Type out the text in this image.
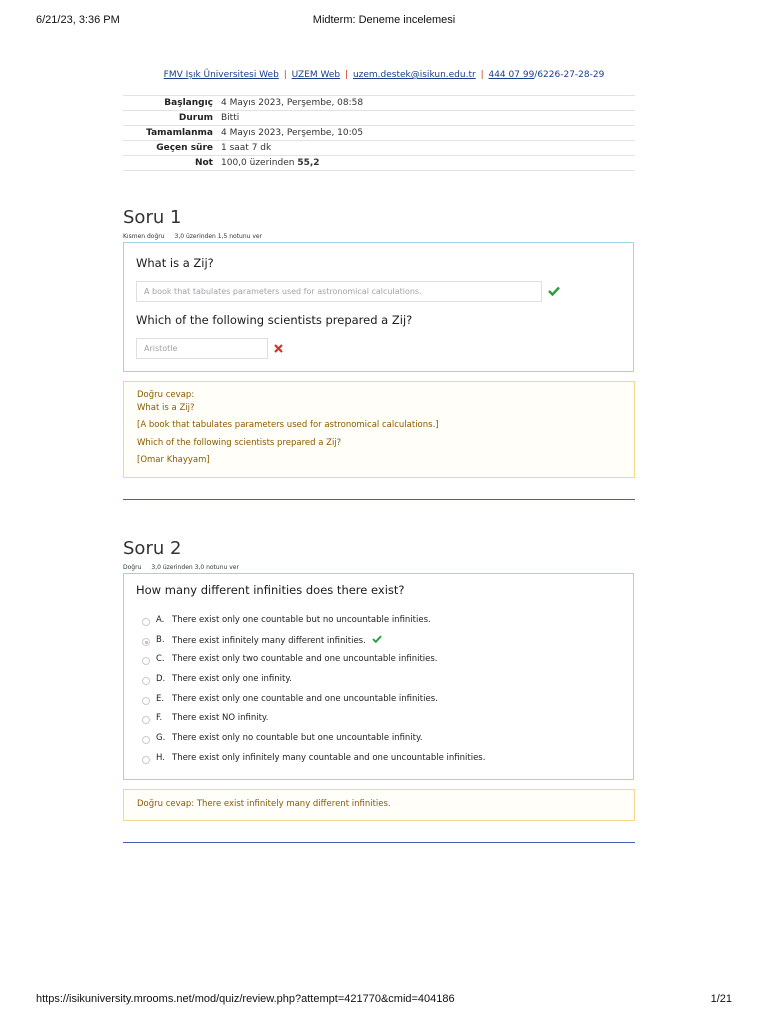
6/21/23, 3:36 PM	Midterm: Deneme incelemesi
FMV Işık Üniversitesi Web | UZEM Web | uzem.destek@isikun.edu.tr | 444 07 99/6226-27-28-29
Başlangıç	4 Mayıs 2023, Perşembe, 08:58
Durum	Bitti
Tamamlanma	4 Mayıs 2023, Perşembe, 10:05
Geçen süre	1 saat 7 dk
Not	100,0 üzerinden 55,2
Soru 1
Kısmen doğru 3,0 üzerinden 1,5 notunu ver
What is a Zij?
A book that tabulates parameters used for astronomical calculations.
Which of the following scientists prepared a Zij?
Aristotle
Doğru cevap:
What is a Zij?
[A book that tabulates parameters used for astronomical calculations.]
Which of the following scientists prepared a Zij?
[Omar Khayyam]
Soru 2
Doğru 3,0 üzerinden 3,0 notunu ver
How many different infinities does there exist?
A. There exist only one countable but no uncountable infinities.
B. There exist infinitely many different infinities.
C. There exist only two countable and one uncountable infinities.
D. There exist only one infinity.
E. There exist only one countable and one uncountable infinities.
F. There exist NO infinity.
G. There exist only no countable but one uncountable infinity.
H. There exist only infinitely many countable and one uncountable infinities.
Doğru cevap: There exist infinitely many different infinities.
https://isikuniversity.mrooms.net/mod/quiz/review.php?attempt=421770&cmid=404186	1/21
